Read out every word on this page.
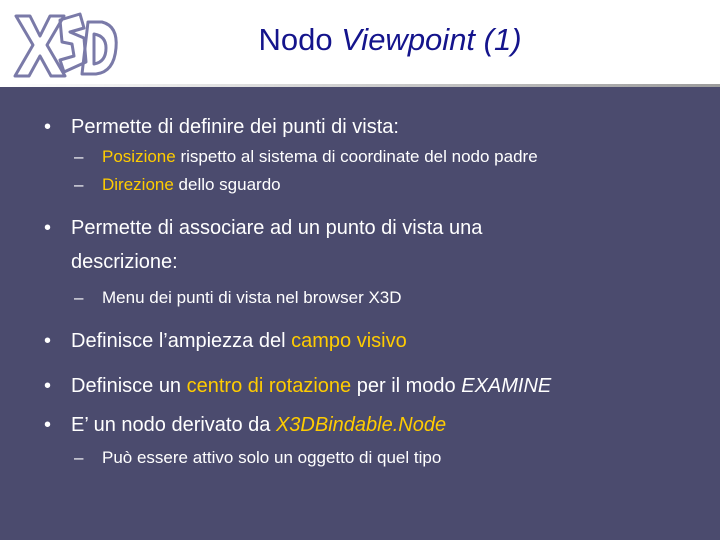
Nodo Viewpoint (1)
• Permette di definire dei punti di vista:
– Posizione rispetto al sistema di coordinate del nodo padre
– Direzione dello sguardo
• Permette di associare ad un punto di vista una
descrizione:
– Menu dei punti di vista nel browser X3D
• Definisce l’ampiezza del campo visivo
• Definisce un centro di rotazione per il modo EXAMINE
• E’ un nodo derivato da X3DBindable.Node
– Può essere attivo solo un oggetto di quel tipo
